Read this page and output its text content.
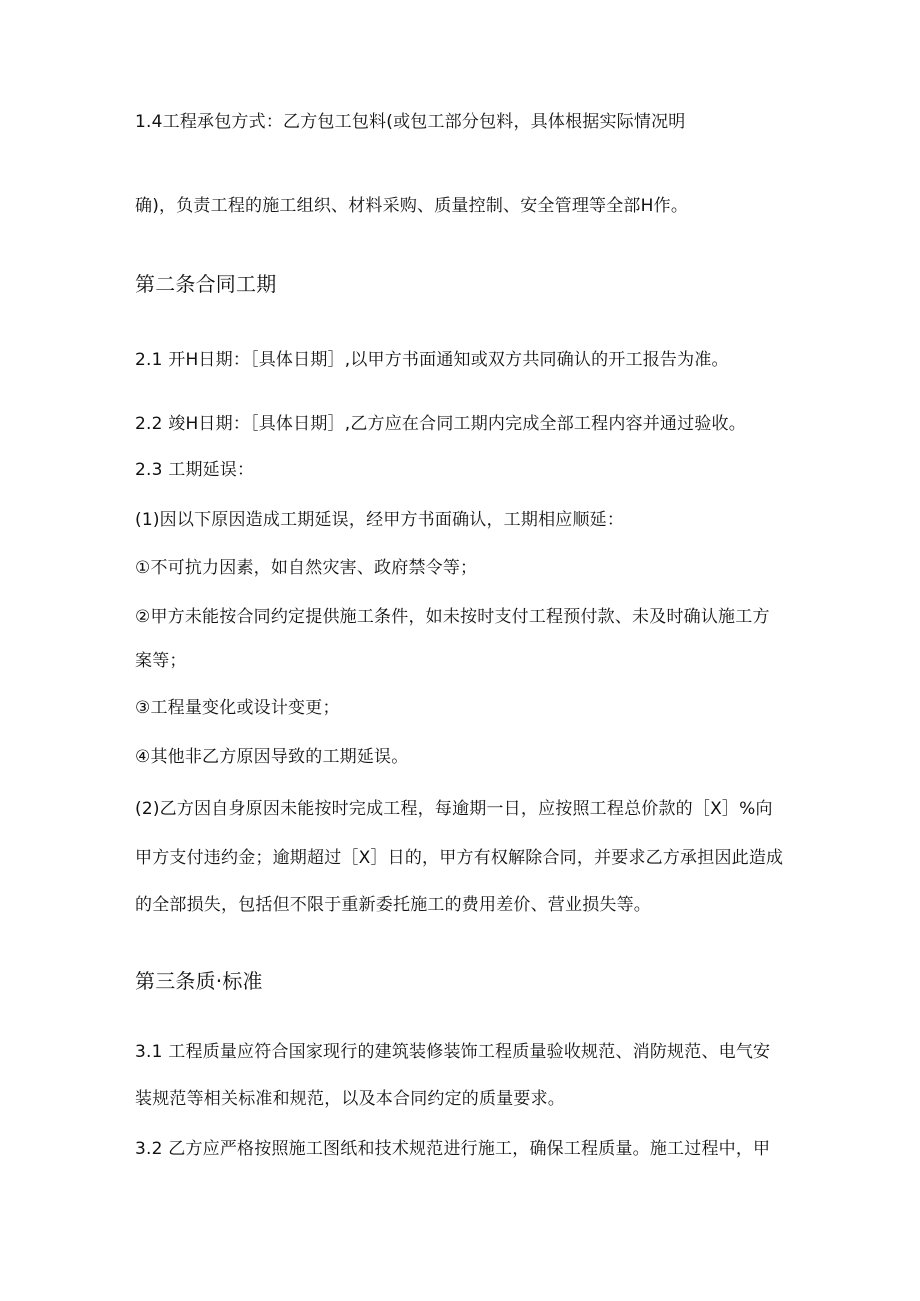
1.4工程承包方式：乙方包工包料(或包工部分包料，具体根据实际情况明
确)，负责工程的施工组织、材料采购、质量控制、安全管理等全部H作。
第二条合同工期
2.1 开H日期：［具体日期］,以甲方书面通知或双方共同确认的开工报告为准。
2.2 竣H日期：［具体日期］,乙方应在合同工期内完成全部工程内容并通过验收。
2.3 工期延误：
(1)因以下原因造成工期延误，经甲方书面确认，工期相应顺延：
①不可抗力因素，如自然灾害、政府禁令等；
②甲方未能按合同约定提供施工条件，如未按时支付工程预付款、未及时确认施工方
案等；
③工程量变化或设计变更；
④其他非乙方原因导致的工期延误。
(2)乙方因自身原因未能按时完成工程，每逾期一日，应按照工程总价款的［X］%向
甲方支付违约金；逾期超过［X］日的，甲方有权解除合同，并要求乙方承担因此造成
的全部损失，包括但不限于重新委托施工的费用差价、营业损失等。
第三条质·标准
3.1 工程质量应符合国家现行的建筑装修装饰工程质量验收规范、消防规范、电气安
装规范等相关标准和规范，以及本合同约定的质量要求。
3.2 乙方应严格按照施工图纸和技术规范进行施工，确保工程质量。施工过程中，甲
